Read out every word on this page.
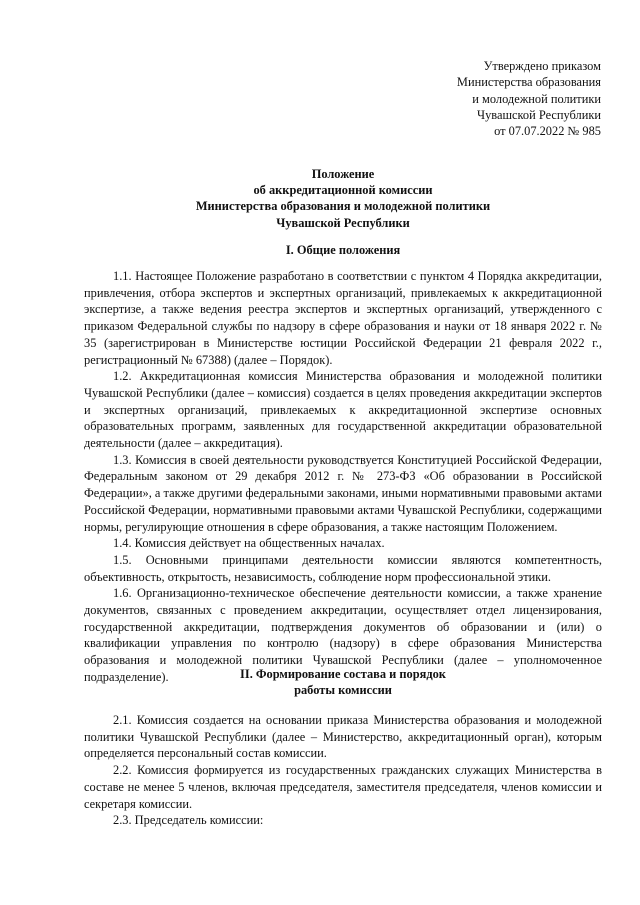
Утверждено приказом
Министерства образования
и молодежной политики
Чувашской Республики
от 07.07.2022 № 985
Положение
об аккредитационной комиссии
Министерства образования и молодежной политики
Чувашской Республики
I. Общие положения

1.1. Настоящее Положение разработано в соответствии с пунктом 4 Порядка аккредитации, привлечения, отбора экспертов и экспертных организаций, привлекаемых к аккредитационной экспертизе, а также ведения реестра экспертов и экспертных организаций, утвержденного с приказом Федеральной службы по надзору в сфере образования и науки от 18 января 2022 г. № 35 (зарегистрирован в Министерстве юстиции Российской Федерации 21 февраля 2022 г., регистрационный № 67388) (далее – Порядок).

1.2. Аккредитационная комиссия Министерства образования и молодежной политики Чувашской Республики (далее – комиссия) создается в целях проведения аккредитации экспертов и экспертных организаций, привлекаемых к аккредитационной экспертизе основных образовательных программ, заявленных для государственной аккредитации образовательной деятельности (далее – аккредитация).

1.3. Комиссия в своей деятельности руководствуется Конституцией Российской Федерации, Федеральным законом от 29 декабря 2012 г. № 273-ФЗ «Об образовании в Российской Федерации», а также другими федеральными законами, иными нормативными правовыми актами Российской Федерации, нормативными правовыми актами Чувашской Республики, содержащими нормы, регулирующие отношения в сфере образования, а также настоящим Положением.

1.4. Комиссия действует на общественных началах.

1.5. Основными принципами деятельности комиссии являются компетентность, объективность, открытость, независимость, соблюдение норм профессиональной этики.

1.6. Организационно-техническое обеспечение деятельности комиссии, а также хранение документов, связанных с проведением аккредитации, осуществляет отдел лицензирования, государственной аккредитации, подтверждения документов об образовании и (или) о квалификации управления по контролю (надзору) в сфере образования Министерства образования и молодежной политики Чувашской Республики (далее – уполномоченное подразделение).	II. Формирование состава и порядок
работы комиссии

2.1. Комиссия создается на основании приказа Министерства образования и молодежной политики Чувашской Республики (далее – Министерство, аккредитационный орган), которым определяется персональный состав комиссии.

2.2. Комиссия формируется из государственных гражданских служащих Министерства в составе не менее 5 членов, включая председателя, заместителя председателя, членов комиссии и секретаря комиссии.

2.3. Председатель комиссии:
